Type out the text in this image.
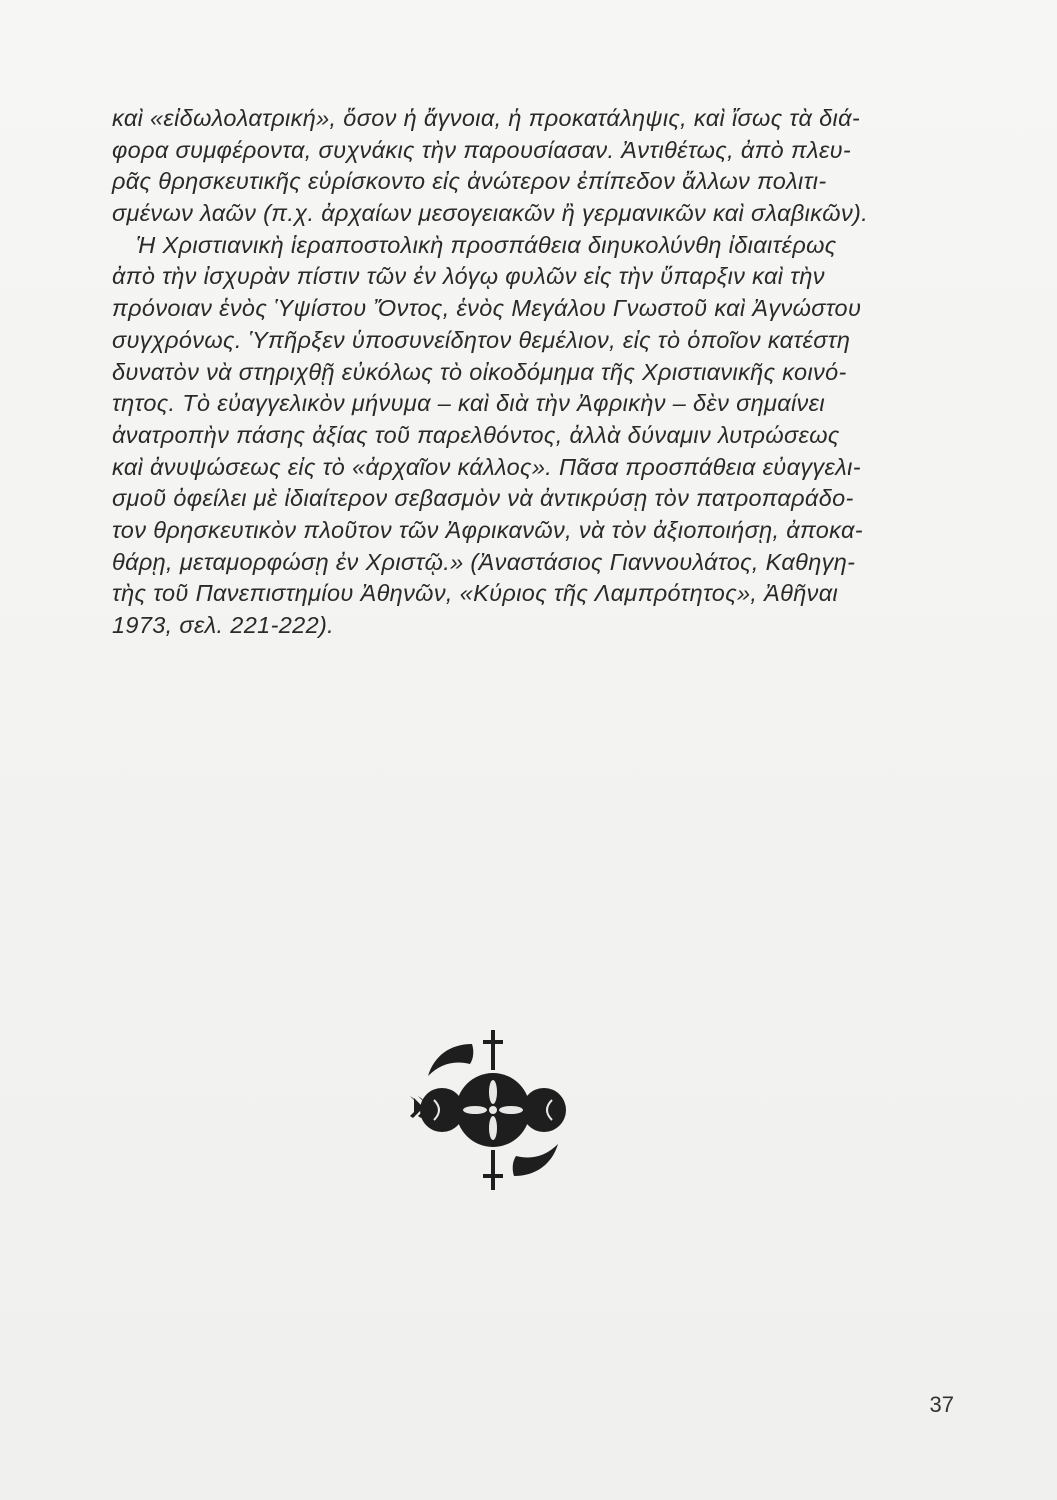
καὶ «εἰδωλολατρική», ὅσον ἡ ἄγνοια, ἡ προκατάληψις, καὶ ἴσως τὰ διά-
φορα συμφέροντα, συχνάκις τὴν παρουσίασαν. Ἀντιθέτως, ἀπὸ πλευ-
ρᾶς θρησκευτικῆς εὑρίσκοντο εἰς ἀνώτερον ἐπίπεδον ἄλλων πολιτι-
σμένων λαῶν (π.χ. ἀρχαίων μεσογειακῶν ἢ γερμανικῶν καὶ σλαβικῶν).
Ἡ Χριστιανικὴ ἱεραποστολικὴ προσπάθεια διηυκολύνθη ἰδιαιτέρως
ἀπὸ τὴν ἰσχυρὰν πίστιν τῶν ἐν λόγῳ φυλῶν εἰς τὴν ὕπαρξιν καὶ τὴν
πρόνοιαν ἑνὸς Ὑψίστου Ὄντος, ἑνὸς Μεγάλου Γνωστοῦ καὶ Ἀγνώστου
συγχρόνως. Ὑπῆρξεν ὑποσυνείδητον θεμέλιον, εἰς τὸ ὁποῖον κατέστη
δυνατὸν νὰ στηριχθῇ εὐκόλως τὸ οἰκοδόμημα τῆς Χριστιανικῆς κοινό-
τητος. Τὸ εὐαγγελικὸν μήνυμα – καὶ διὰ τὴν Ἀφρικὴν – δὲν σημαίνει
ἀνατροπὴν πάσης ἀξίας τοῦ παρελθόντος, ἀλλὰ δύναμιν λυτρώσεως
καὶ ἀνυψώσεως εἰς τὸ «ἀρχαῖον κάλλος». Πᾶσα προσπάθεια εὐαγγελι-
σμοῦ ὀφείλει μὲ ἰδιαίτερον σεβασμὸν νὰ ἀντικρύσῃ τὸν πατροπαράδο-
τον θρησκευτικὸν πλοῦτον τῶν Ἀφρικανῶν, νὰ τὸν ἀξιοποιήσῃ, ἀποκα-
θάρῃ, μεταμορφώσῃ ἐν Χριστῷ.» (Ἀναστάσιος Γιαννουλάτος, Καθηγη-
τὴς τοῦ Πανεπιστημίου Ἀθηνῶν, «Κύριος τῆς Λαμπρότητος», Ἀθῆναι
1973, σελ. 221-222).
37
